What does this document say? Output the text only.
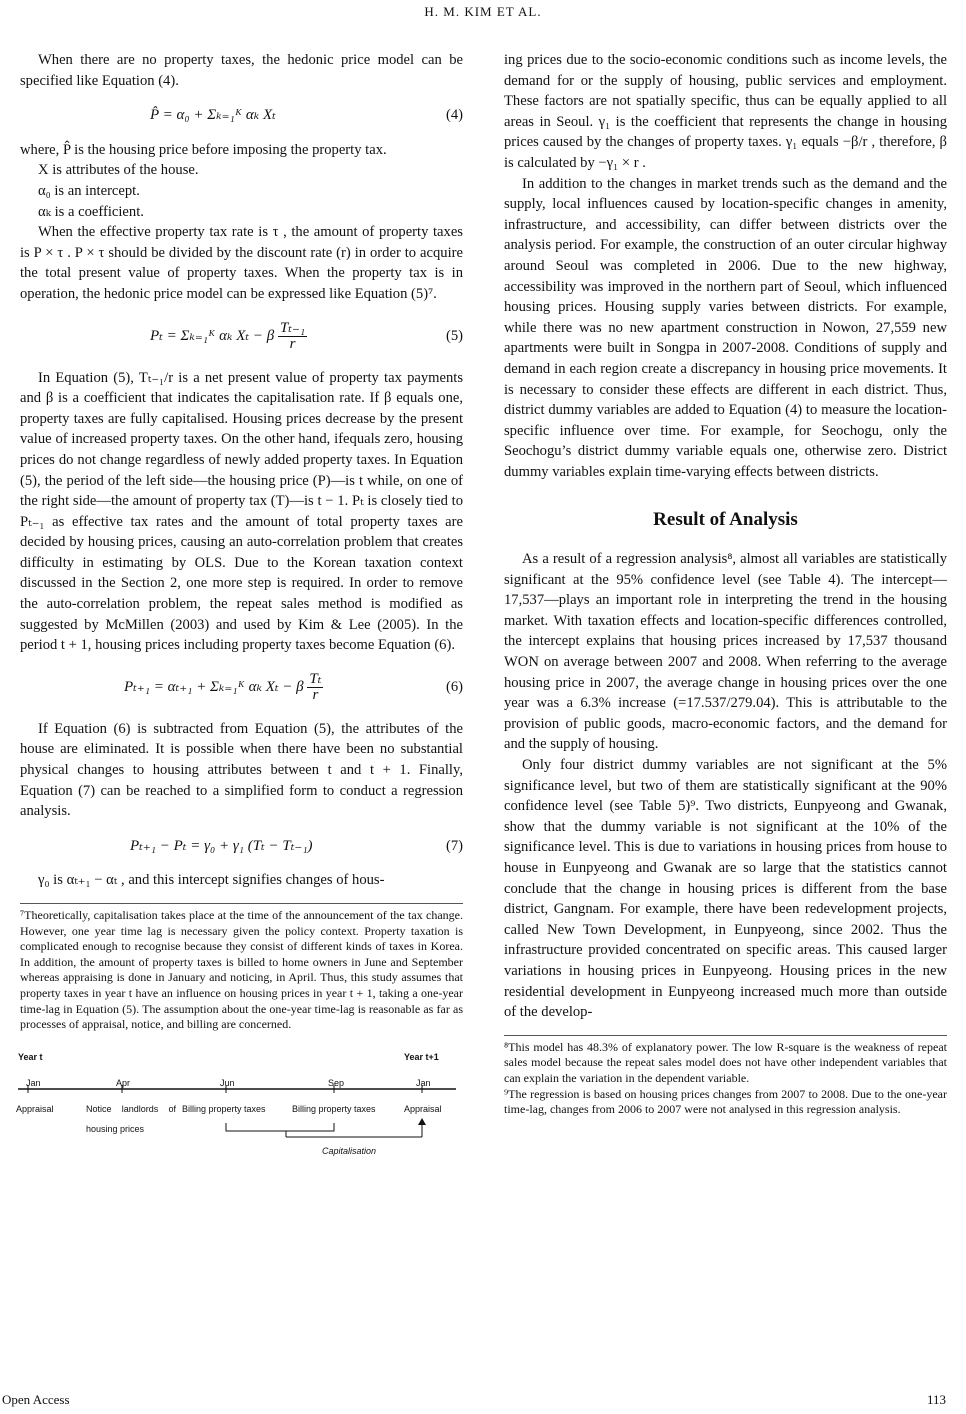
H. M. KIM ET AL.

When there are no property taxes, the hedonic price model can be specified like Equation (4).

P̂ = α₀ + Σₖ₌₁ᴷ αₖ Xₜ	(4)

where, P̂ is the housing price before imposing the property tax.

X is attributes of the house.

α₀ is an intercept.

αₖ is a coefficient.

When the effective property tax rate is τ , the amount of property taxes is P × τ . P × τ should be divided by the discount rate (r) in order to acquire the total present value of property taxes. When the property tax is in operation, the hedonic price model can be expressed like Equation (5)⁷.

Pₜ = Σₖ₌₁ᴷ αₖ Xₜ − β $\frac{\text{Tₜ₋₁}}{r}$	(5)

In Equation (5), Tₜ₋₁/r is a net present value of property tax payments and β is a coefficient that indicates the capitalisation rate. If β equals one, property taxes are fully capitalised. Housing prices decrease by the present value of increased property taxes. On the other hand, ifequals zero, housing prices do not change regardless of newly added property taxes. In Equation (5), the period of the left side—the housing price (P)—is t while, on one of the right side—the amount of property tax (T)—is t − 1. Pₜ is closely tied to Pₜ₋₁ as effective tax rates and the amount of total property taxes are decided by housing prices, causing an auto-correlation problem that creates difficulty in estimating by OLS. Due to the Korean taxation context discussed in the Section 2, one more step is required. In order to remove the auto-correlation problem, the repeat sales method is modified as suggested by McMillen (2003) and used by Kim & Lee (2005). In the period t + 1, housing prices including property taxes become Equation (6).

Pₜ₊₁ = αₜ₊₁ + Σₖ₌₁ᴷ αₖ Xₜ − β $\frac{\text{Tₜ}}{r}$	(6)

If Equation (6) is subtracted from Equation (5), the attributes of the house are eliminated. It is possible when there have been no substantial physical changes to housing attributes between t and t + 1. Finally, Equation (7) can be reached to a simplified form to conduct a regression analysis.

Pₜ₊₁ − Pₜ = γ₀ + γ₁ (Tₜ − Tₜ₋₁)	(7)

γ₀ is αₜ₊₁ − αₜ , and this intercept signifies changes of hous-

⁷Theoretically, capitalisation takes place at the time of the announcement of the tax change. However, one year time lag is necessary given the policy context. Property taxation is complicated enough to recognise because they consist of different kinds of taxes in Korea. In addition, the amount of property taxes is billed to home owners in June and September whereas appraising is done in January and noticing, in April. Thus, this study assumes that property taxes in year t have an influence on housing prices in year t + 1, taking a one-year time-lag in Equation (5). The assumption about the one-year time-lag is reasonable as far as processes of appraisal, notice, and billing are concerned.

Year t	Year t+1
Jan	Apr	Jun	Sep	Jan
Appraisal	Notice landlords of housing prices
Billing property taxes	Billing property taxes	Appraisal
Capitalisation

ing prices due to the socio-economic conditions such as income levels, the demand for or the supply of housing, public services and employment. These factors are not spatially specific, thus can be equally applied to all areas in Seoul. γ₁ is the coefficient that represents the change in housing prices caused by the changes of property taxes. γ₁ equals −β/r , therefore, β is calculated by −γ₁ × r .

In addition to the changes in market trends such as the demand and the supply, local influences caused by location-specific changes in amenity, infrastructure, and accessibility, can differ between districts over the analysis period. For example, the construction of an outer circular highway around Seoul was completed in 2006. Due to the new highway, accessibility was improved in the northern part of Seoul, which influenced housing prices. Housing supply varies between districts. For example, while there was no new apartment construction in Nowon, 27,559 new apartments were built in Songpa in 2007-2008. Conditions of supply and demand in each region create a discrepancy in housing price movements. It is necessary to consider these effects are different in each district. Thus, district dummy variables are added to Equation (4) to measure the location-specific influence over time. For example, for Seochogu, only the Seochogu’s district dummy variable equals one, otherwise zero. District dummy variables explain time-varying effects between districts.

Result of Analysis

As a result of a regression analysis⁸, almost all variables are statistically significant at the 95% confidence level (see Table 4). The intercept—17,537—plays an important role in interpreting the trend in the housing market. With taxation effects and location-specific differences controlled, the intercept explains that housing prices increased by 17,537 thousand WON on average between 2007 and 2008. When referring to the average housing price in 2007, the average change in housing prices over the one year was a 6.3% increase (=17.537/279.04). This is attributable to the provision of public goods, macro-economic factors, and the demand for and the supply of housing.

Only four district dummy variables are not significant at the 5% significance level, but two of them are statistically significant at the 90% confidence level (see Table 5)⁹. Two districts, Eunpyeong and Gwanak, show that the dummy variable is not significant at the 10% of the significance level. This is due to variations in housing prices from house to house in Eunpyeong and Gwanak are so large that the statistics cannot conclude that the change in housing prices is different from the base district, Gangnam. For example, there have been redevelopment projects, called New Town Development, in Eunpyeong, since 2002. Thus the infrastructure provided concentrated on specific areas. This caused larger variations in housing prices in Eunpyeong. Housing prices in the new residential development in Eunpyeong increased much more than outside of the develop-

⁸This model has 48.3% of explanatory power. The low R-square is the weakness of repeat sales model because the repeat sales model does not have other independent variables that can explain the variation in the dependent variable.

⁹The regression is based on housing prices changes from 2007 to 2008. Due to the one-year time-lag, changes from 2006 to 2007 were not analysed in this regression analysis.

Open Access	113
